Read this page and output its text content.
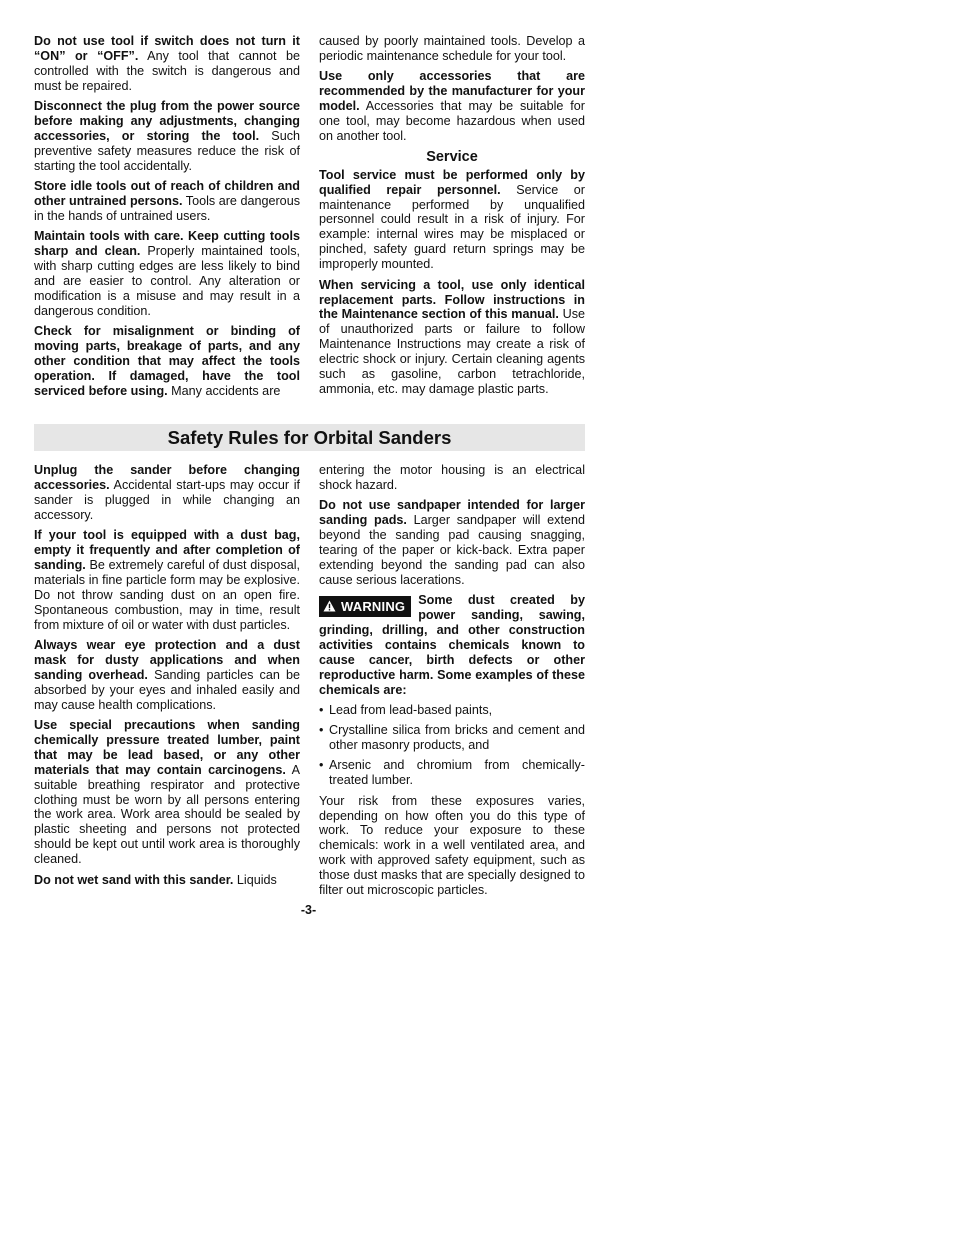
Do not use tool if switch does not turn it “ON” or “OFF”. Any tool that cannot be controlled with the switch is dangerous and must be repaired.

Disconnect the plug from the power source before making any adjustments, changing accessories, or storing the tool. Such preventive safety measures reduce the risk of starting the tool accidentally.

Store idle tools out of reach of children and other untrained persons. Tools are dangerous in the hands of untrained users.

Maintain tools with care. Keep cutting tools sharp and clean. Properly maintained tools, with sharp cutting edges are less likely to bind and are easier to control. Any alteration or modification is a misuse and may result in a dangerous condition.

Check for misalignment or binding of moving parts, breakage of parts, and any other condition that may affect the tools operation. If damaged, have the tool serviced before using. Many accidents are

caused by poorly maintained tools. Develop a periodic maintenance schedule for your tool.

Use only accessories that are recommended by the manufacturer for your model. Accessories that may be suitable for one tool, may become hazardous when used on another tool.

Service

Tool service must be performed only by qualified repair personnel. Service or maintenance performed by unqualified personnel could result in a risk of injury. For example: internal wires may be misplaced or pinched, safety guard return springs may be improperly mounted.

When servicing a tool, use only identical replacement parts. Follow instructions in the Maintenance section of this manual. Use of unauthorized parts or failure to follow Maintenance Instructions may create a risk of electric shock or injury. Certain cleaning agents such as gasoline, carbon tetrachloride, ammonia, etc. may damage plastic parts.

Safety Rules for Orbital Sanders

Unplug the sander before changing accessories. Accidental start-ups may occur if sander is plugged in while changing an accessory.

If your tool is equipped with a dust bag, empty it frequently and after completion of sanding. Be extremely careful of dust disposal, materials in fine particle form may be explosive. Do not throw sanding dust on an open fire. Spontaneous combustion, may in time, result from mixture of oil or water with dust particles.

Always wear eye protection and a dust mask for dusty applications and when sanding overhead. Sanding particles can be absorbed by your eyes and inhaled easily and may cause health complications.

Use special precautions when sanding chemically pressure treated lumber, paint that may be lead based, or any other materials that may contain carcinogens. A suitable breathing respirator and protective clothing must be worn by all persons entering the work area. Work area should be sealed by plastic sheeting and persons not protected should be kept out until work area is thoroughly cleaned.

Do not wet sand with this sander. Liquids

entering the motor housing is an electrical shock hazard.

Do not use sandpaper intended for larger sanding pads. Larger sandpaper will extend beyond the sanding pad causing snagging, tearing of the paper or kick-back. Extra paper extending beyond the sanding pad can also cause serious lacerations.

WARNING	Some dust created by power sanding, sawing, grinding, drilling, and other construction activities contains chemicals known to cause cancer, birth defects or other reproductive harm. Some examples of these chemicals are:

• Lead from lead-based paints,
• Crystalline silica from bricks and cement and other masonry products, and
• Arsenic and chromium from chemically-treated lumber.

Your risk from these exposures varies, depending on how often you do this type of work. To reduce your exposure to these chemicals: work in a well ventilated area, and work with approved safety equipment, such as those dust masks that are specially designed to filter out microscopic particles.

-3-
